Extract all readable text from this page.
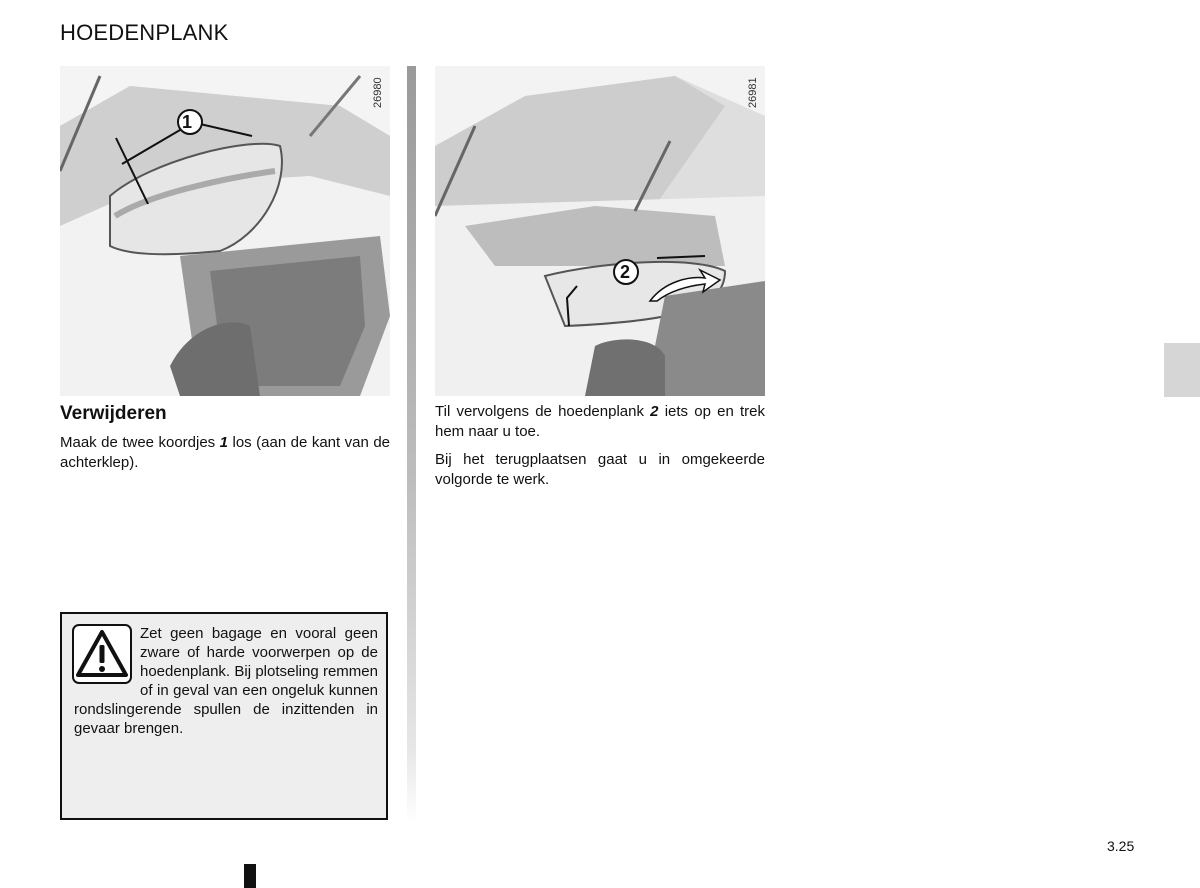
HOEDENPLANK
1
26980
2
26981
Verwijderen
Maak de twee koordjes 1 los (aan de kant van de achterklep).
Til vervolgens de hoedenplank 2 iets op en trek hem naar u toe.
Bij het terugplaatsen gaat u in omgekeerde volgorde te werk.
Zet geen bagage en vooral geen zware of harde voorwerpen op de hoedenplank. Bij plotseling remmen of in geval van een ongeluk kunnen rondslingerende spullen de inzittenden in gevaar brengen.
3.25
